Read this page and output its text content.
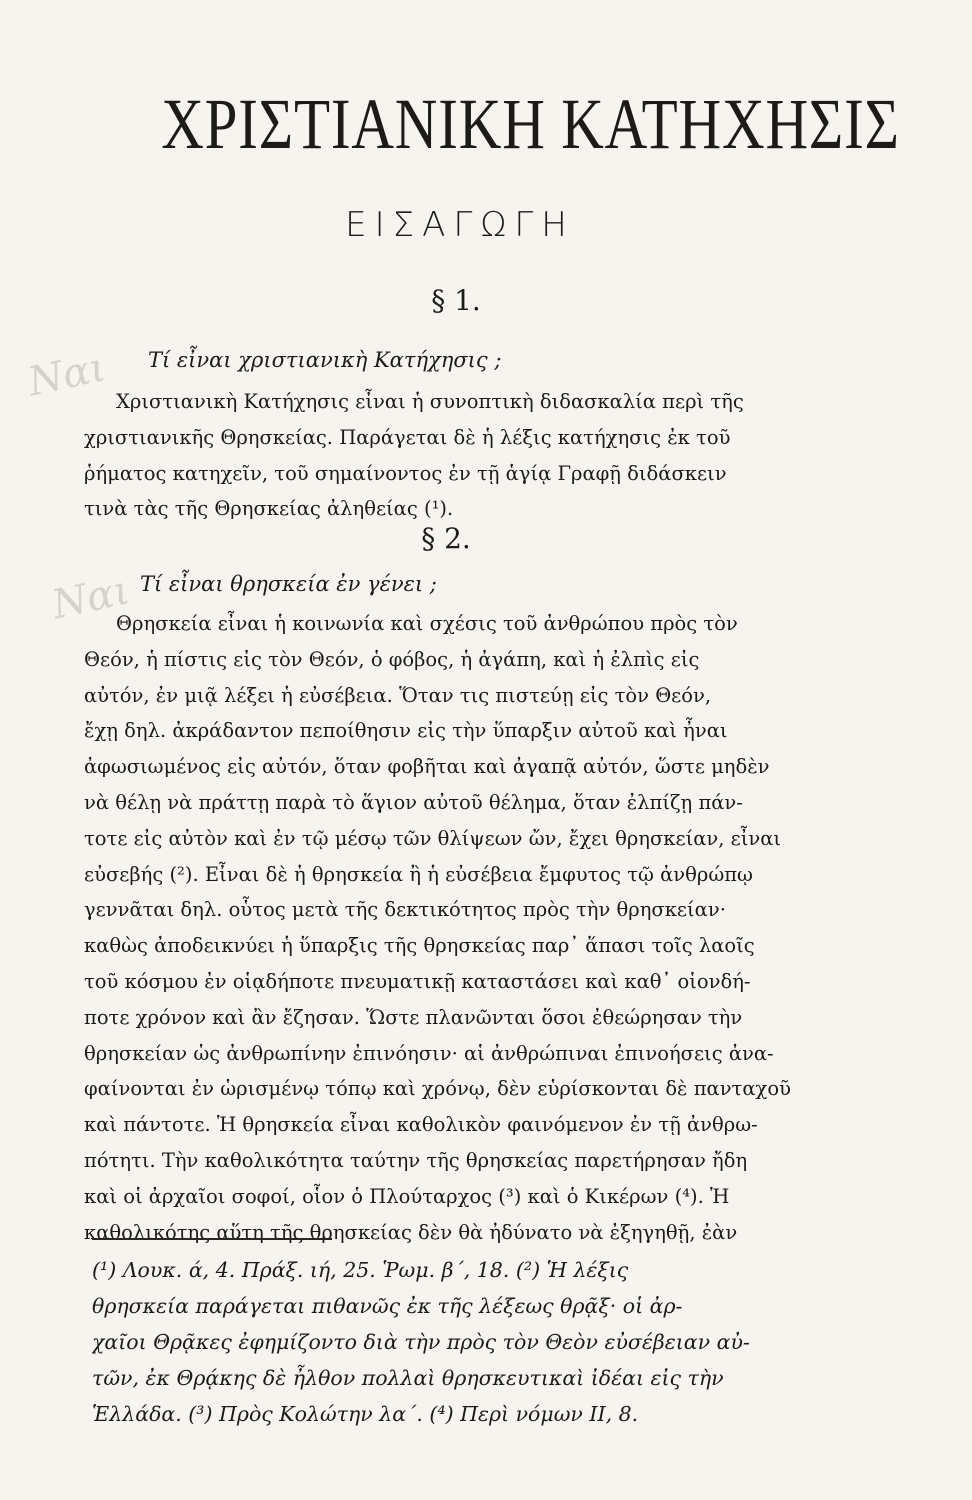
ΧΡΙΣΤΙΑΝΙΚΗ ΚΑΤΗΧΗΣΙΣ
ΕΙΣΑΓΩΓΗ
§ 1.
Ναι Τί εἶναι χριστιανικὴ Κατήχησις ;
Χριστιανικὴ Κατήχησις εἶναι ἡ συνοπτικὴ διδασκαλία περὶ τῆς
χριστιανικῆς Θρησκείας. Παράγεται δὲ ἡ λέξις κατήχησις ἐκ τοῦ
ῥήματος κατηχεῖν, τοῦ σημαίνοντος ἐν τῇ ἁγίᾳ Γραφῇ διδάσκειν
τινὰ τὰς τῆς Θρησκείας ἀληθείας (¹).
§ 2.
Ναι Τί εἶναι θρησκεία ἐν γένει ;
Θρησκεία εἶναι ἡ κοινωνία καὶ σχέσις τοῦ ἀνθρώπου πρὸς τὸν
Θεόν, ἡ πίστις εἰς τὸν Θεόν, ὁ φόβος, ἡ ἀγάπη, καὶ ἡ ἐλπὶς εἰς
αὐτόν, ἐν μιᾷ λέξει ἡ εὐσέβεια. Ὅταν τις πιστεύῃ εἰς τὸν Θεόν,
ἔχῃ δηλ. ἀκράδαντον πεποίθησιν εἰς τὴν ὕπαρξιν αὐτοῦ καὶ ἦναι
ἀφωσιωμένος εἰς αὐτόν, ὅταν φοβῆται καὶ ἀγαπᾷ αὐτόν, ὥστε μηδὲν
νὰ θέλῃ νὰ πράττῃ παρὰ τὸ ἅγιον αὐτοῦ θέλημα, ὅταν ἐλπίζῃ πάν-
τοτε εἰς αὐτὸν καὶ ἐν τῷ μέσῳ τῶν θλίψεων ὤν, ἔχει θρησκείαν, εἶναι
εὐσεβής (²). Εἶναι δὲ ἡ θρησκεία ἢ ἡ εὐσέβεια ἔμφυτος τῷ ἀνθρώπῳ
γεννᾶται δηλ. οὗτος μετὰ τῆς δεκτικότητος πρὸς τὴν θρησκείαν·
καθὼς ἀποδεικνύει ἡ ὕπαρξις τῆς θρησκείας παρ᾿ ἅπασι τοῖς λαοῖς
τοῦ κόσμου ἐν οἱᾳδήποτε πνευματικῇ καταστάσει καὶ καθ᾿ οἱονδή-
ποτε χρόνον καὶ ἂν ἔζησαν. Ὥστε πλανῶνται ὅσοι ἐθεώρησαν τὴν
θρησκείαν ὡς ἀνθρωπίνην ἐπινόησιν· αἱ ἀνθρώπιναι ἐπινοήσεις ἀνα-
φαίνονται ἐν ὡρισμένῳ τόπῳ καὶ χρόνῳ, δὲν εὑρίσκονται δὲ πανταχοῦ
καὶ πάντοτε. Ἡ θρησκεία εἶναι καθολικὸν φαινόμενον ἐν τῇ ἀνθρω-
πότητι. Τὴν καθολικότητα ταύτην τῆς θρησκείας παρετήρησαν ἤδη
καὶ οἱ ἀρχαῖοι σοφοί, οἷον ὁ Πλούταρχος (³) καὶ ὁ Κικέρων (⁴). Ἡ
καθολικότης αὕτη τῆς θρησκείας δὲν θὰ ἠδύνατο νὰ ἐξηγηθῇ, ἐὰν
(¹) Λουκ. ά, 4. Πράξ. ιή, 25. Ῥωμ. β΄, 18. (²) Ἡ λέξις
θρησκεία παράγεται πιθανῶς ἐκ τῆς λέξεως θρᾷξ· οἱ ἀρ-
χαῖοι Θρᾷκες ἐφημίζοντο διὰ τὴν πρὸς τὸν Θεὸν εὐσέβειαν αὐ-
τῶν, ἐκ Θρᾴκης δὲ ἦλθον πολλαὶ θρησκευτικαὶ ἰδέαι εἰς τὴν
Ἑλλάδα. (³) Πρὸς Κολώτην λα΄. (⁴) Περὶ νόμων II, 8.
